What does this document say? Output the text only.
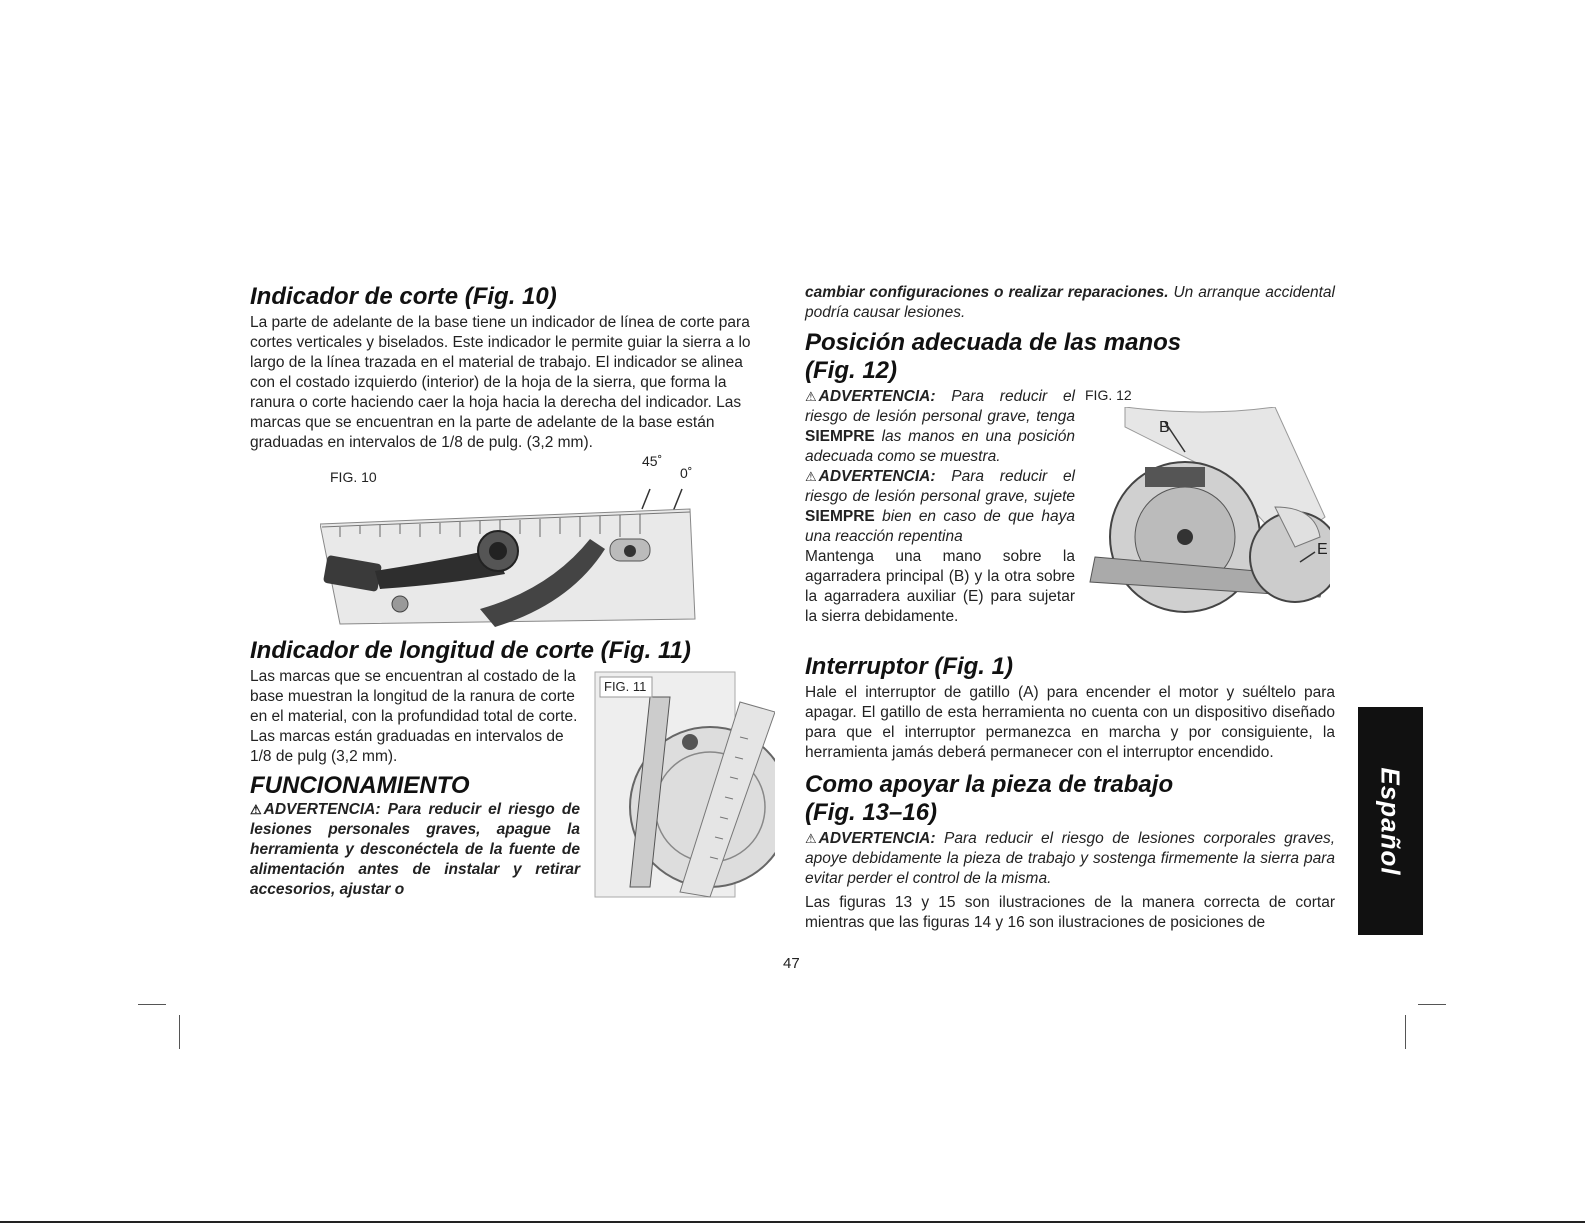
Indicador de corte (Fig. 10)

La parte de adelante de la base tiene un indicador de línea de corte para cortes verticales y biselados. Este indicador le permite guiar la sierra a lo largo de la línea trazada en el material de trabajo. El indicador se alinea con el costado izquierdo (interior) de la hoja de la sierra, que forma la ranura o corte haciendo caer la hoja hacia la derecha del indicador. Las marcas que se encuentran en la parte de adelante de la base están graduadas en intervalos de 1/8 de pulg. (3,2 mm).

FIG. 10
45˚
0˚
Indicador de longitud de corte (Fig. 11)

Las marcas que se encuentran al costado de la base muestran la longitud de la ranura de corte en el material, con la profundidad total de corte. Las marcas están graduadas en intervalos de 1/8 de pulg (3,2 mm).

FIG. 11
FUNCIONAMIENTO

⚠ ADVERTENCIA: Para reducir el riesgo de lesiones personales graves, apague la herramienta y desconéctela de la fuente de alimentación antes de instalar y retirar accesorios, ajustar o

cambiar configuraciones o realizar reparaciones. Un arranque accidental podría causar lesiones.

Posición adecuada de las manos (Fig. 12)

⚠ ADVERTENCIA: Para reducir el riesgo de lesión personal grave, tenga SIEMPRE las manos en una posición adecuada como se muestra.

⚠ ADVERTENCIA: Para reducir el riesgo de lesión personal grave, sujete SIEMPRE bien en caso de que haya una reacción repentina

Mantenga una mano sobre la agarradera principal (B) y la otra sobre la agarradera auxiliar (E) para sujetar la sierra debidamente.

FIG. 12
B
E
Interruptor (Fig. 1)

Hale el interruptor de gatillo (A) para encender el motor y suéltelo para apagar. El gatillo de esta herramienta no cuenta con un dispositivo diseñado para que el interruptor permanezca en marcha y por consiguiente, la herramienta jamás deberá permanecer con el interruptor encendido.

Como apoyar la pieza de trabajo (Fig. 13–16)

⚠ ADVERTENCIA: Para reducir el riesgo de lesiones corporales graves, apoye debidamente la pieza de trabajo y sostenga firmemente la sierra para evitar perder el control de la misma.

Las figuras 13 y 15 son ilustraciones de la manera correcta de cortar mientras que las figuras 14 y 16 son ilustraciones de posiciones de

Español
47
